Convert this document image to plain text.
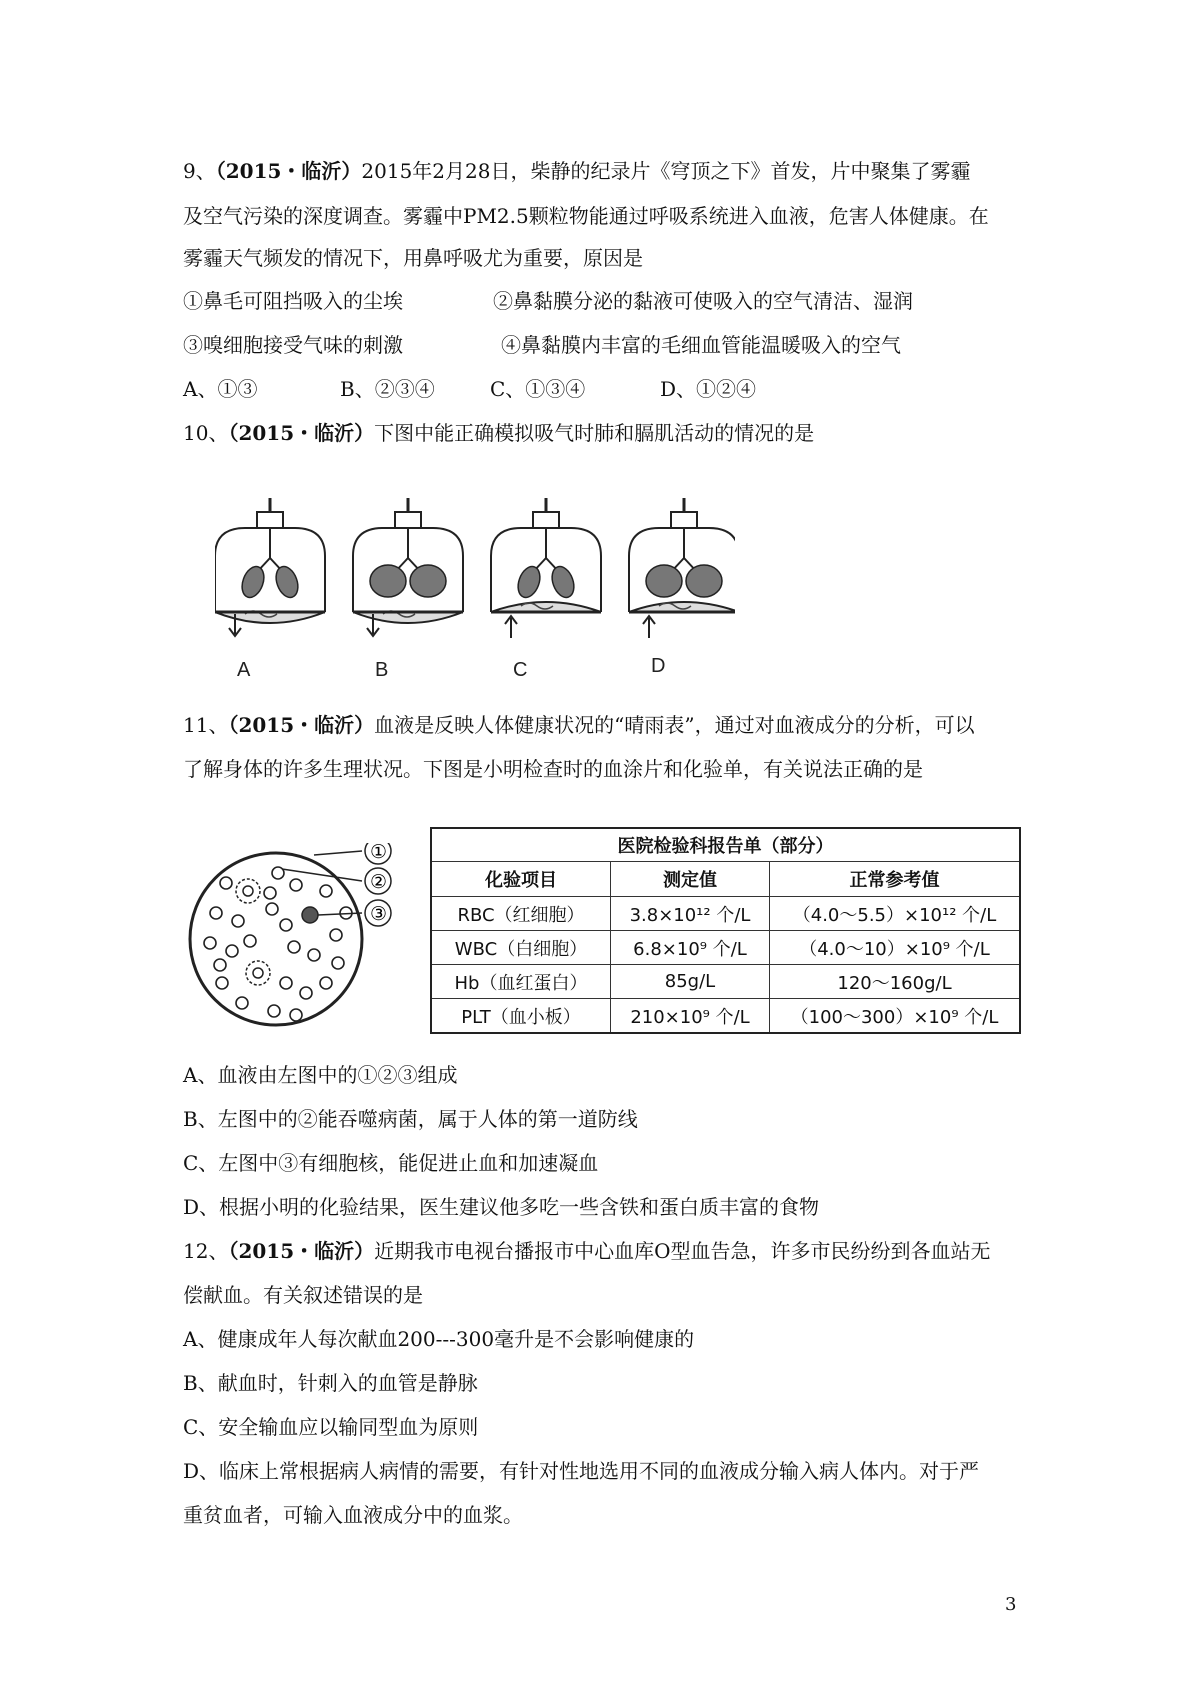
9、（2015・临沂）2015年2月28日，柴静的纪录片《穹顶之下》首发，片中聚集了雾霾
及空气污染的深度调查。雾霾中PM2.5颗粒物能通过呼吸系统进入血液，危害人体健康。在
雾霾天气频发的情况下，用鼻呼吸尤为重要，原因是
①鼻毛可阻挡吸入的尘埃	②鼻黏膜分泌的黏液可使吸入的空气清洁、湿润
③嗅细胞接受气味的刺激	④鼻黏膜内丰富的毛细血管能温暖吸入的空气
A、①③	B、②③④	C、①③④	D、①②④
10、（2015・临沂）下图中能正确模拟吸气时肺和膈肌活动的情况的是
A	B	C	D
11、（2015・临沂）血液是反映人体健康状况的“晴雨表”，通过对血液成分的分析，可以
了解身体的许多生理状况。下图是小明检查时的血涂片和化验单，有关说法正确的是
①
②
③
医院检验科报告单（部分）		
化验项目	测定值	正常参考值
RBC（红细胞）	3.8×10¹² 个/L	（4.0～5.5）×10¹² 个/L
WBC（白细胞）	6.8×10⁹ 个/L	（4.0～10）×10⁹ 个/L
Hb（血红蛋白）	85g/L	120～160g/L
PLT（血小板）	210×10⁹ 个/L	（100～300）×10⁹ 个/L
A、血液由左图中的①②③组成
B、左图中的②能吞噬病菌，属于人体的第一道防线
C、左图中③有细胞核，能促进止血和加速凝血
D、根据小明的化验结果，医生建议他多吃一些含铁和蛋白质丰富的食物
12、（2015・临沂）近期我市电视台播报市中心血库O型血告急，许多市民纷纷到各血站无
偿献血。有关叙述错误的是
A、健康成年人每次献血200---300毫升是不会影响健康的
B、献血时，针刺入的血管是静脉
C、安全输血应以输同型血为原则
D、临床上常根据病人病情的需要，有针对性地选用不同的血液成分输入病人体内。对于严
重贫血者，可输入血液成分中的血浆。
3
